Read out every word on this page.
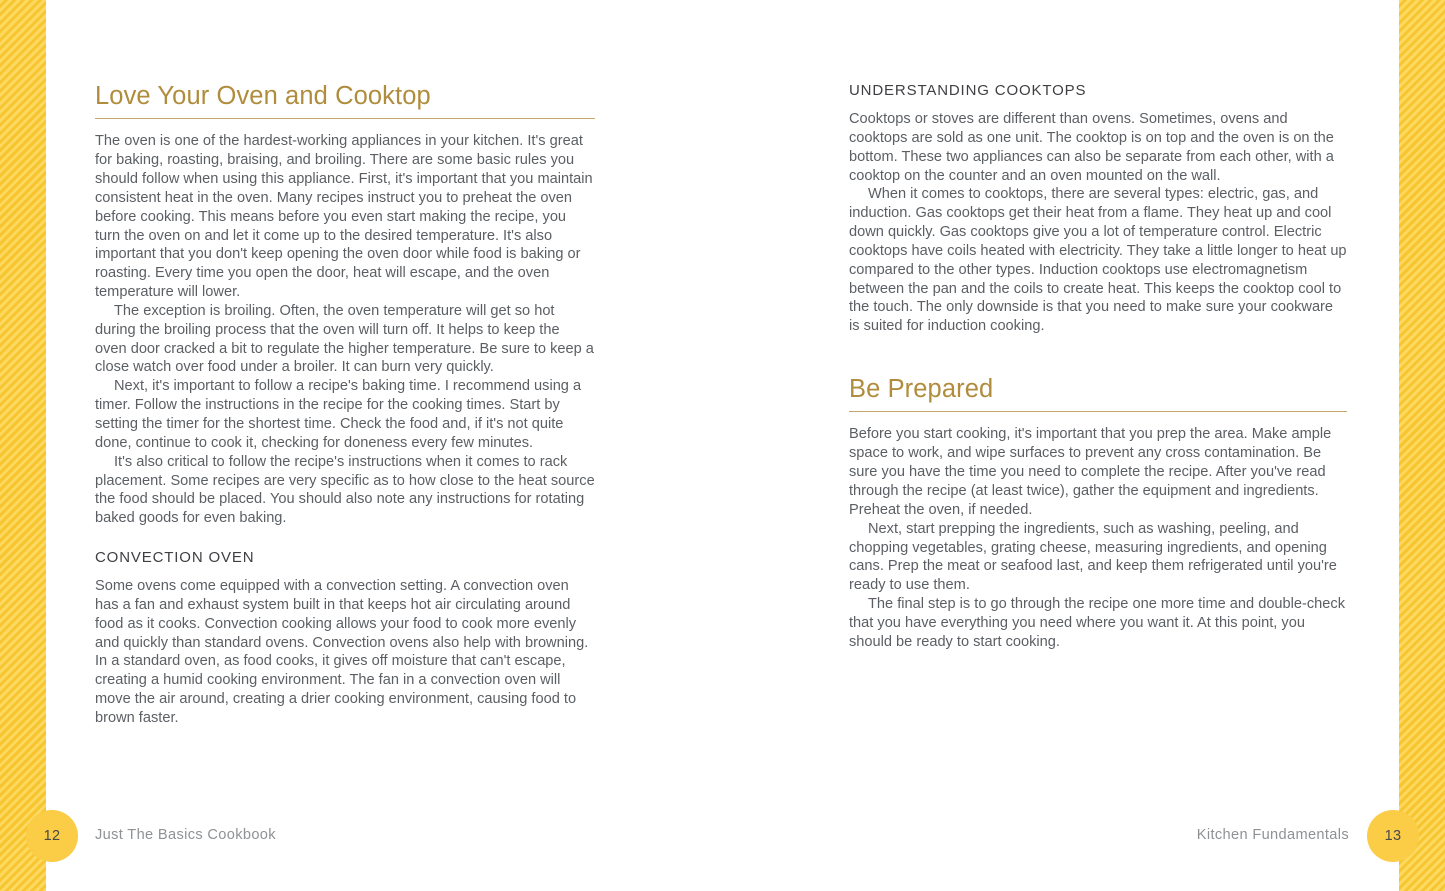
Love Your Oven and Cooktop

The oven is one of the hardest-working appliances in your kitchen. It's great for baking, roasting, braising, and broiling. There are some basic rules you should follow when using this appliance. First, it's important that you maintain consistent heat in the oven. Many recipes instruct you to preheat the oven before cooking. This means before you even start making the recipe, you turn the oven on and let it come up to the desired temperature. It's also important that you don't keep opening the oven door while food is baking or roasting. Every time you open the door, heat will escape, and the oven temperature will lower.

The exception is broiling. Often, the oven temperature will get so hot during the broiling process that the oven will turn off. It helps to keep the oven door cracked a bit to regulate the higher temperature. Be sure to keep a close watch over food under a broiler. It can burn very quickly.

Next, it's important to follow a recipe's baking time. I recommend using a timer. Follow the instructions in the recipe for the cooking times. Start by setting the timer for the shortest time. Check the food and, if it's not quite done, continue to cook it, checking for doneness every few minutes.

It's also critical to follow the recipe's instructions when it comes to rack placement. Some recipes are very specific as to how close to the heat source the food should be placed. You should also note any instructions for rotating baked goods for even baking.

CONVECTION OVEN

Some ovens come equipped with a convection setting. A convection oven has a fan and exhaust system built in that keeps hot air circulating around food as it cooks. Convection cooking allows your food to cook more evenly and quickly than standard ovens. Convection ovens also help with browning. In a standard oven, as food cooks, it gives off moisture that can't escape, creating a humid cooking environment. The fan in a convection oven will move the air around, creating a drier cooking environment, causing food to brown faster.

12 Just The Basics Cookbook
UNDERSTANDING COOKTOPS

Cooktops or stoves are different than ovens. Sometimes, ovens and cooktops are sold as one unit. The cooktop is on top and the oven is on the bottom. These two appliances can also be separate from each other, with a cooktop on the counter and an oven mounted on the wall.

When it comes to cooktops, there are several types: electric, gas, and induction. Gas cooktops get their heat from a flame. They heat up and cool down quickly. Gas cooktops give you a lot of temperature control. Electric cooktops have coils heated with electricity. They take a little longer to heat up compared to the other types. Induction cooktops use electromagnetism between the pan and the coils to create heat. This keeps the cooktop cool to the touch. The only downside is that you need to make sure your cookware is suited for induction cooking.

Be Prepared

Before you start cooking, it's important that you prep the area. Make ample space to work, and wipe surfaces to prevent any cross contamination. Be sure you have the time you need to complete the recipe. After you've read through the recipe (at least twice), gather the equipment and ingredients. Preheat the oven, if needed.

Next, start prepping the ingredients, such as washing, peeling, and chopping vegetables, grating cheese, measuring ingredients, and opening cans. Prep the meat or seafood last, and keep them refrigerated until you're ready to use them.

The final step is to go through the recipe one more time and double-check that you have everything you need where you want it. At this point, you should be ready to start cooking.

13
Kitchen Fundamentals
